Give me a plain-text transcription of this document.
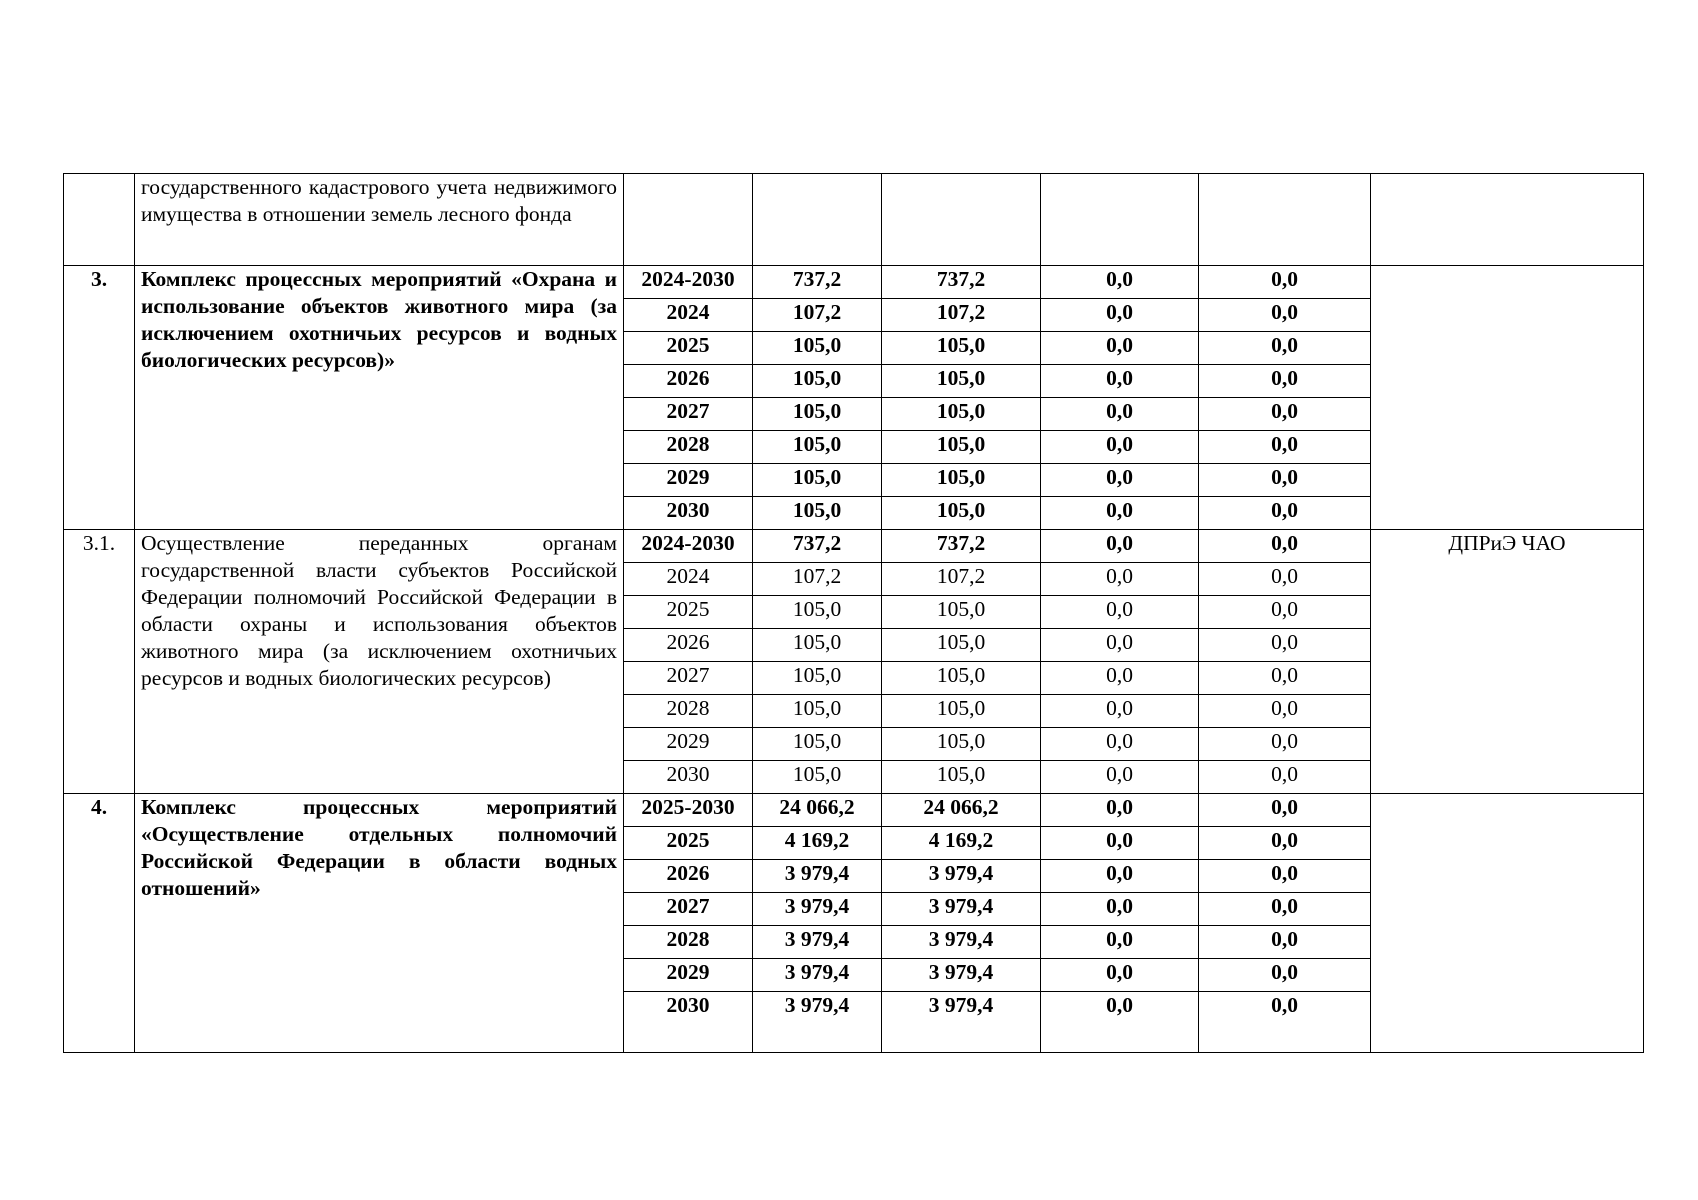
	государственного кадастрового учета недвижимого имущества в отношении земель лесного фонда						
3.	Комплекс процессных мероприятий «Охрана и использование объектов животного мира (за исключением охотничьих ресурсов и водных биологических ресурсов)»	2024-2030	737,2	737,2	0,0	0,0	
		2024	107,2	107,2	0,0	0,0	
		2025	105,0	105,0	0,0	0,0	
		2026	105,0	105,0	0,0	0,0	
		2027	105,0	105,0	0,0	0,0	
		2028	105,0	105,0	0,0	0,0	
		2029	105,0	105,0	0,0	0,0	
		2030	105,0	105,0	0,0	0,0	
3.1.	Осуществление переданных органам государственной власти субъектов Российской Федерации полномочий Российской Федерации в области охраны и использования объектов животного мира (за исключением охотничьих ресурсов и водных биологических ресурсов)	2024-2030	737,2	737,2	0,0	0,0	ДПРиЭ ЧАО
		2024	107,2	107,2	0,0	0,0	
		2025	105,0	105,0	0,0	0,0	
		2026	105,0	105,0	0,0	0,0	
		2027	105,0	105,0	0,0	0,0	
		2028	105,0	105,0	0,0	0,0	
		2029	105,0	105,0	0,0	0,0	
		2030	105,0	105,0	0,0	0,0	
4.	Комплекс процессных мероприятий «Осуществление отдельных полномочий Российской Федерации в области водных отношений»	2025-2030	24 066,2	24 066,2	0,0	0,0	
		2025	4 169,2	4 169,2	0,0	0,0	
		2026	3 979,4	3 979,4	0,0	0,0	
		2027	3 979,4	3 979,4	0,0	0,0	
		2028	3 979,4	3 979,4	0,0	0,0	
		2029	3 979,4	3 979,4	0,0	0,0	
		2030	3 979,4	3 979,4	0,0	0,0	
